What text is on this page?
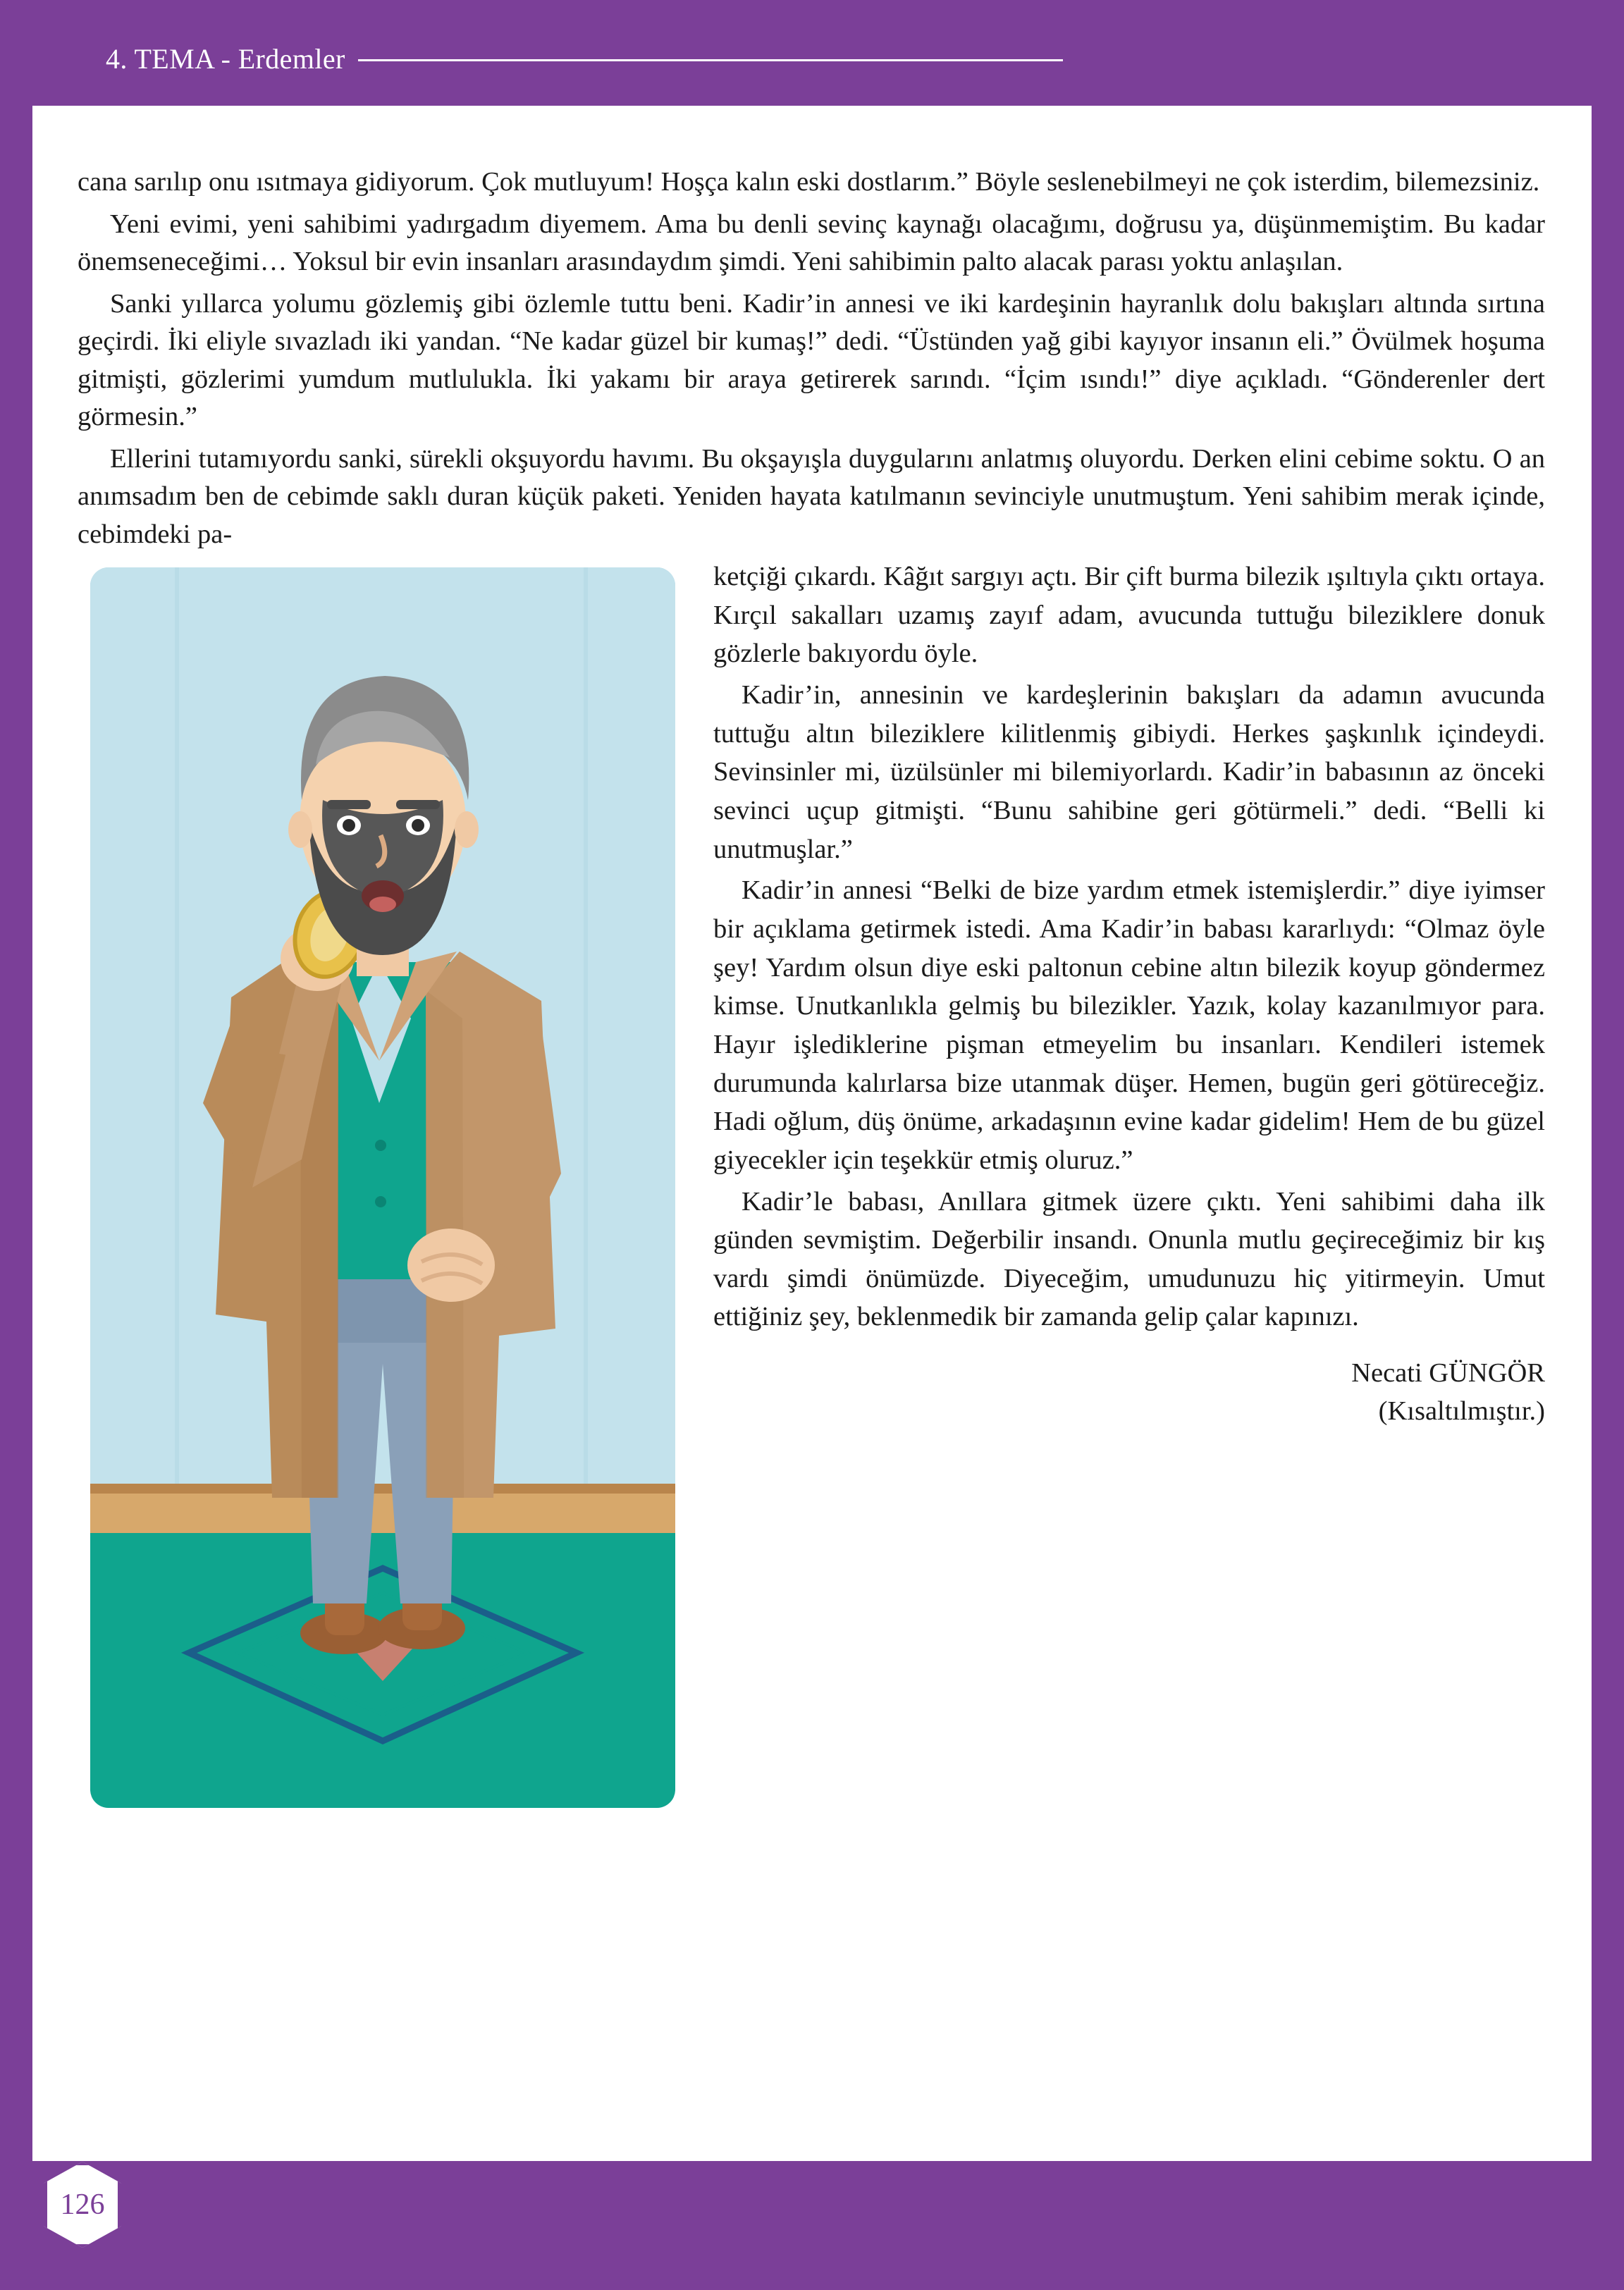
4. TEMA - Erdemler

cana sarılıp onu ısıtmaya gidiyorum. Çok mutluyum! Hoşça kalın eski dostlarım.” Böyle seslenebilmeyi ne çok isterdim, bilemezsiniz.

Yeni evimi, yeni sahibimi yadırgadım diyemem. Ama bu denli sevinç kaynağı olacağımı, doğrusu ya, düşünmemiştim. Bu kadar önemseneceğimi… Yoksul bir evin insanları arasındaydım şimdi. Yeni sahibimin palto alacak parası yoktu anlaşılan.

Sanki yıllarca yolumu gözlemiş gibi özlemle tuttu beni. Kadir’in annesi ve iki kardeşinin hayranlık dolu bakışları altında sırtına geçirdi. İki eliyle sıvazladı iki yandan. “Ne kadar güzel bir kumaş!” dedi. “Üstünden yağ gibi kayıyor insanın eli.” Övülmek hoşuma gitmişti, gözlerimi yumdum mutlulukla. İki yakamı bir araya getirerek sarındı. “İçim ısındı!” diye açıkladı. “Gönderenler dert görmesin.”

Ellerini tutamıyordu sanki, sürekli okşuyordu havımı. Bu okşayışla duygularını anlatmış oluyordu. Derken elini cebime soktu. O an anımsadım ben de cebimde saklı duran küçük paketi. Yeniden hayata katılmanın sevinciyle unutmuştum. Yeni sahibim merak içinde, cebimdeki pa-

ketçiği çıkardı. Kâğıt sargıyı açtı. Bir çift burma bilezik ışıltıyla çıktı ortaya. Kırçıl sakalları uzamış zayıf adam, avucunda tuttuğu bileziklere donuk gözlerle bakıyordu öyle.

Kadir’in, annesinin ve kardeşlerinin bakışları da adamın avucunda tuttuğu altın bileziklere kilitlenmiş gibiydi. Herkes şaşkınlık içindeydi. Sevinsinler mi, üzülsünler mi bilemiyorlardı. Kadir’in babasının az önceki sevinci uçup gitmişti. “Bunu sahibine geri götürmeli.” dedi. “Belli ki unutmuşlar.”

Kadir’in annesi “Belki de bize yardım etmek istemişlerdir.” diye iyimser bir açıklama getirmek istedi. Ama Kadir’in babası kararlıydı: “Olmaz öyle şey! Yardım olsun diye eski paltonun cebine altın bilezik koyup göndermez kimse. Unutkanlıkla gelmiş bu bilezikler. Yazık, kolay kazanılmıyor para. Hayır işlediklerine pişman etmeyelim bu insanları. Kendileri istemek durumunda kalırlarsa bize utanmak düşer. Hemen, bugün geri götüreceğiz. Hadi oğlum, düş önüme, arkadaşının evine kadar gidelim! Hem de bu güzel giyecekler için teşekkür etmiş oluruz.”

Kadir’le babası, Anıllara gitmek üzere çıktı. Yeni sahibimi daha ilk günden sevmiştim. Değerbilir insandı. Onunla mutlu geçireceğimiz bir kış vardı şimdi önümüzde. Diyeceğim, umudunuzu hiç yitirmeyin. Umut ettiğiniz şey, beklenmedik bir zamanda gelip çalar kapınızı.

Necati GÜNGÖR
(Kısaltılmıştır.)
126
